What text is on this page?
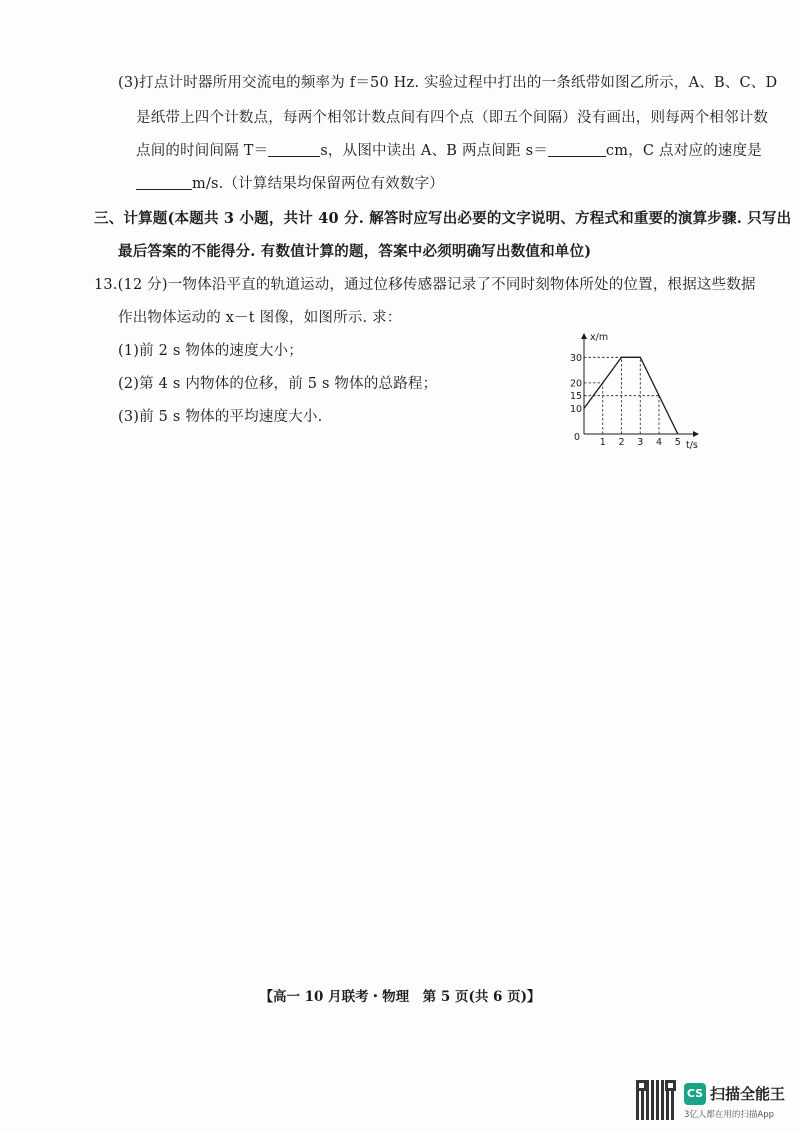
(3)打点计时器所用交流电的频率为 f＝50 Hz. 实验过程中打出的一条纸带如图乙所示，A、B、C、D
是纸带上四个计数点，每两个相邻计数点间有四个点（即五个间隔）没有画出，则每两个相邻计数
点间的时间间隔 T＝	s，从图中读出 A、B 两点间距 s＝	cm，C 点对应的速度是
m/s.（计算结果均保留两位有效数字）
三、计算题(本题共 3 小题，共计 40 分. 解答时应写出必要的文字说明、方程式和重要的演算步骤. 只写出
最后答案的不能得分. 有数值计算的题，答案中必须明确写出数值和单位)
13.(12 分)一物体沿平直的轨道运动，通过位移传感器记录了不同时刻物体所处的位置，根据这些数据
作出物体运动的 x－t 图像，如图所示. 求：
(1)前 2 s 物体的速度大小；
(2)第 4 s 内物体的位移，前 5 s 物体的总路程；
(3)前 5 s 物体的平均速度大小.
1 2 3 4 5
10
15
20
30
x/m
t/s
0
【高一 10 月联考・物理　第 5 页(共 6 页)】
CS 扫描全能王
3亿人都在用的扫描App
